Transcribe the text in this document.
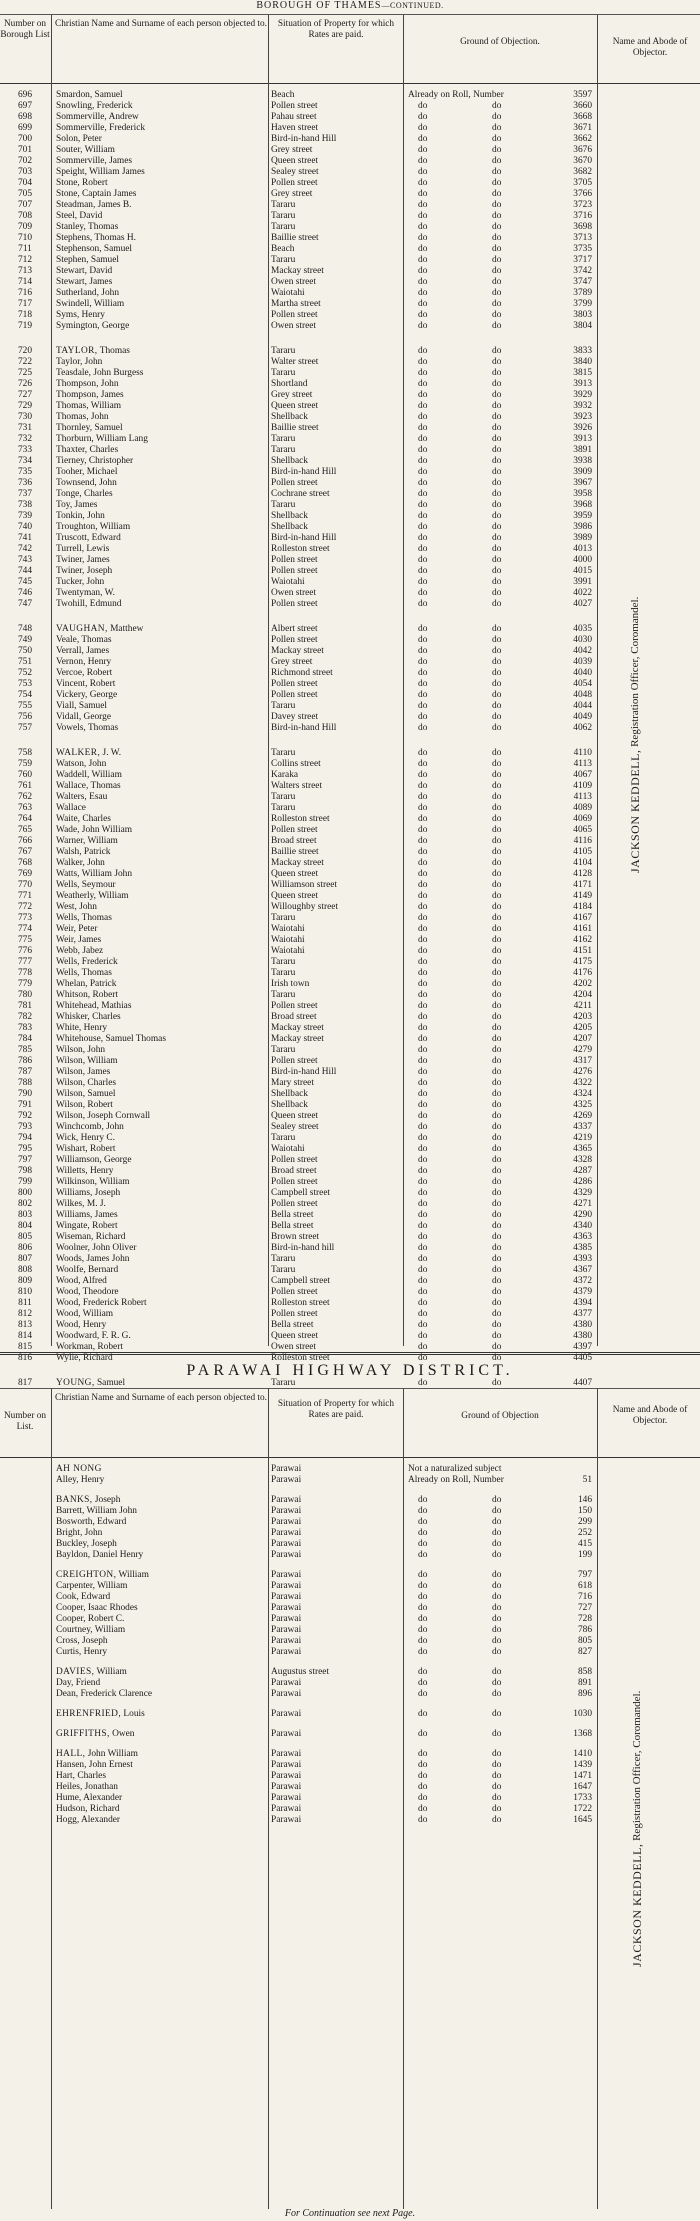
BOROUGH OF THAMES—CONTINUED.
Number on Borough List
Christian Name and Surname of each person objected to.	Situation of Property for which Rates are paid.
Ground of Objection.	Name and Abode of Objector.
696	Smardon, Samuel	Beach	Already on Roll, Number	3597
697	Snowling, Frederick	Pollen street	do	do	3660
698	Sommerville, Andrew	Pahau street	do	do	3668
699	Sommerville, Frederick	Haven street	do	do	3671
700	Solon, Peter	Bird-in-hand Hill	do	do	3662
701	Souter, William	Grey street	do	do	3676
702	Sommerville, James	Queen street	do	do	3670
703	Speight, William James	Sealey street	do	do	3682
704	Stone, Robert	Pollen street	do	do	3705
705	Stone, Captain James	Grey street	do	do	3766
707	Steadman, James B.	Tararu	do	do	3723
708	Steel, David	Tararu	do	do	3716
709	Stanley, Thomas	Tararu	do	do	3698
710	Stephens, Thomas H.	Baillie street	do	do	3713
711	Stephenson, Samuel	Beach	do	do	3735
712	Stephen, Samuel	Tararu	do	do	3717
713	Stewart, David	Mackay street	do	do	3742
714	Stewart, James	Owen street	do	do	3747
716	Sutherland, John	Waiotahi	do	do	3789
717	Swindell, William	Martha street	do	do	3799
718	Syms, Henry	Pollen street	do	do	3803
719	Symington, George	Owen street	do	do	3804
720	TAYLOR, Thomas	Tararu	do	do	3833
722	Taylor, John	Walter street	do	do	3840
725	Teasdale, John Burgess	Tararu	do	do	3815
726	Thompson, John	Shortland	do	do	3913
727	Thompson, James	Grey street	do	do	3929
729	Thomas, William	Queen street	do	do	3932
730	Thomas, John	Shellback	do	do	3923
731	Thornley, Samuel	Baillie street	do	do	3926
732	Thorburn, William Lang	Tararu	do	do	3913
733	Thaxter, Charles	Tararu	do	do	3891
734	Tierney, Christopher	Shellback	do	do	3938
735	Tooher, Michael	Bird-in-hand Hill	do	do	3909
736	Townsend, John	Pollen street	do	do	3967
737	Tonge, Charles	Cochrane street	do	do	3958
738	Toy, James	Tararu	do	do	3968
739	Tonkin, John	Shellback	do	do	3959
740	Troughton, William	Shellback	do	do	3986
741	Truscott, Edward	Bird-in-hand Hill	do	do	3989
742	Turrell, Lewis	Rolleston street	do	do	4013
743	Twiner, James	Pollen street	do	do	4000
744	Twiner, Joseph	Pollen street	do	do	4015
745	Tucker, John	Waiotahi	do	do	3991
746	Twentyman, W.	Owen street	do	do	4022
747	Twohill, Edmund	Pollen street	do	do	4027
748	VAUGHAN, Matthew	Albert street	do	do	4035
749	Veale, Thomas	Pollen street	do	do	4030
750	Verrall, James	Mackay street	do	do	4042
751	Vernon, Henry	Grey street	do	do	4039
752	Vercoe, Robert	Richmond street	do	do	4040
753	Vincent, Robert	Pollen street	do	do	4054
754	Vickery, George	Pollen street	do	do	4048
755	Viall, Samuel	Tararu	do	do	4044
756	Vidall, George	Davey street	do	do	4049
757	Vowels, Thomas	Bird-in-hand Hill	do	do	4062
758	WALKER, J. W.	Tararu	do	do	4110
759	Watson, John	Collins street	do	do	4113
760	Waddell, William	Karaka	do	do	4067
761	Wallace, Thomas	Walters street	do	do	4109
762	Walters, Esau	Tararu	do	do	4113
763	Wallace	Tararu	do	do	4089
764	Waite, Charles	Rolleston street	do	do	4069
765	Wade, John William	Pollen street	do	do	4065
766	Warner, William	Broad street	do	do	4116
767	Walsh, Patrick	Baillie street	do	do	4105
768	Walker, John	Mackay street	do	do	4104
769	Watts, William John	Queen street	do	do	4128
770	Wells, Seymour	Williamson street	do	do	4171
771	Weatherly, William	Queen street	do	do	4149
772	West, John	Willoughby street	do	do	4184
773	Wells, Thomas	Tararu	do	do	4167
774	Weir, Peter	Waiotahi	do	do	4161
775	Weir, James	Waiotahi	do	do	4162
776	Webb, Jabez	Waiotahi	do	do	4151
777	Wells, Frederick	Tararu	do	do	4175
778	Wells, Thomas	Tararu	do	do	4176
779	Whelan, Patrick	Irish town	do	do	4202
780	Whitson, Robert	Tararu	do	do	4204
781	Whitehead, Mathias	Pollen street	do	do	4211
782	Whisker, Charles	Broad street	do	do	4203
783	White, Henry	Mackay street	do	do	4205
784	Whitehouse, Samuel Thomas	Mackay street	do	do	4207
785	Wilson, John	Tararu	do	do	4279
786	Wilson, William	Pollen street	do	do	4317
787	Wilson, James	Bird-in-hand Hill	do	do	4276
788	Wilson, Charles	Mary street	do	do	4322
790	Wilson, Samuel	Shellback	do	do	4324
791	Wilson, Robert	Shellback	do	do	4325
792	Wilson, Joseph Cornwall	Queen street	do	do	4269
793	Winchcomb, John	Sealey street	do	do	4337
794	Wick, Henry C.	Tararu	do	do	4219
795	Wishart, Robert	Waiotahi	do	do	4365
797	Williamson, George	Pollen street	do	do	4328
798	Willetts, Henry	Broad street	do	do	4287
799	Wilkinson, William	Pollen street	do	do	4286
800	Williams, Joseph	Campbell street	do	do	4329
802	Wilkes, M. J.	Pollen street	do	do	4271
803	Williams, James	Bella street	do	do	4290
804	Wingate, Robert	Bella street	do	do	4340
805	Wiseman, Richard	Brown street	do	do	4363
806	Woolner, John Oliver	Bird-in-hand hill	do	do	4385
807	Woods, James John	Tararu	do	do	4393
808	Woolfe, Bernard	Tararu	do	do	4367
809	Wood, Alfred	Campbell street	do	do	4372
810	Wood, Theodore	Pollen street	do	do	4379
811	Wood, Frederick Robert	Rolleston street	do	do	4394
812	Wood, William	Pollen street	do	do	4377
813	Wood, Henry	Bella street	do	do	4380
814	Woodward, F. R. G.	Queen street	do	do	4380
815	Workman, Robert	Owen street	do	do	4397
816	Wylie, Richard	Rolleston street	do	do	4405
817	YOUNG, Samuel	Tararu	do	do	4407
JACKSON KEDDELL, Registration Officer, Coromandel.
PARAWAI HIGHWAY DISTRICT.
Number on List.
Christian Name and Surname of each person objected to.
Situation of Property for which Rates are paid.	Ground of Objection
Name and Abode of Objector.
AH NONG	Parawai	Not a naturalized subject
Alley, Henry	Parawai	Already on Roll, Number	51
BANKS, Joseph	Parawai	do	do	146
Barrett, William John	Parawai	do	do	150
Bosworth, Edward	Parawai	do	do	299
Bright, John	Parawai	do	do	252
Buckley, Joseph	Parawai	do	do	415
Bayldon, Daniel Henry	Parawai	do	do	199
CREIGHTON, William	Parawai	do	do	797
Carpenter, William	Parawai	do	do	618
Cook, Edward	Parawai	do	do	716
Cooper, Isaac Rhodes	Parawai	do	do	727
Cooper, Robert C.	Parawai	do	do	728
Courtney, William	Parawai	do	do	786
Cross, Joseph	Parawai	do	do	805
Curtis, Henry	Parawai	do	do	827
DAVIES, William	Augustus street	do	do	858
Day, Friend	Parawai	do	do	891
Dean, Frederick Clarence	Parawai	do	do	896
EHRENFRIED, Louis	Parawai	do	do	1030
GRIFFITHS, Owen	Parawai	do	do	1368
HALL, John William	Parawai	do	do	1410
Hansen, John Ernest	Parawai	do	do	1439
Hart, Charles	Parawai	do	do	1471
Heiles, Jonathan	Parawai	do	do	1647
Hume, Alexander	Parawai	do	do	1733
Hudson, Richard	Parawai	do	do	1722
Hogg, Alexander	Parawai	do	do	1645
JACKSON KEDDELL, Registration Officer, Coromandel.
For Continuation see next Page.
